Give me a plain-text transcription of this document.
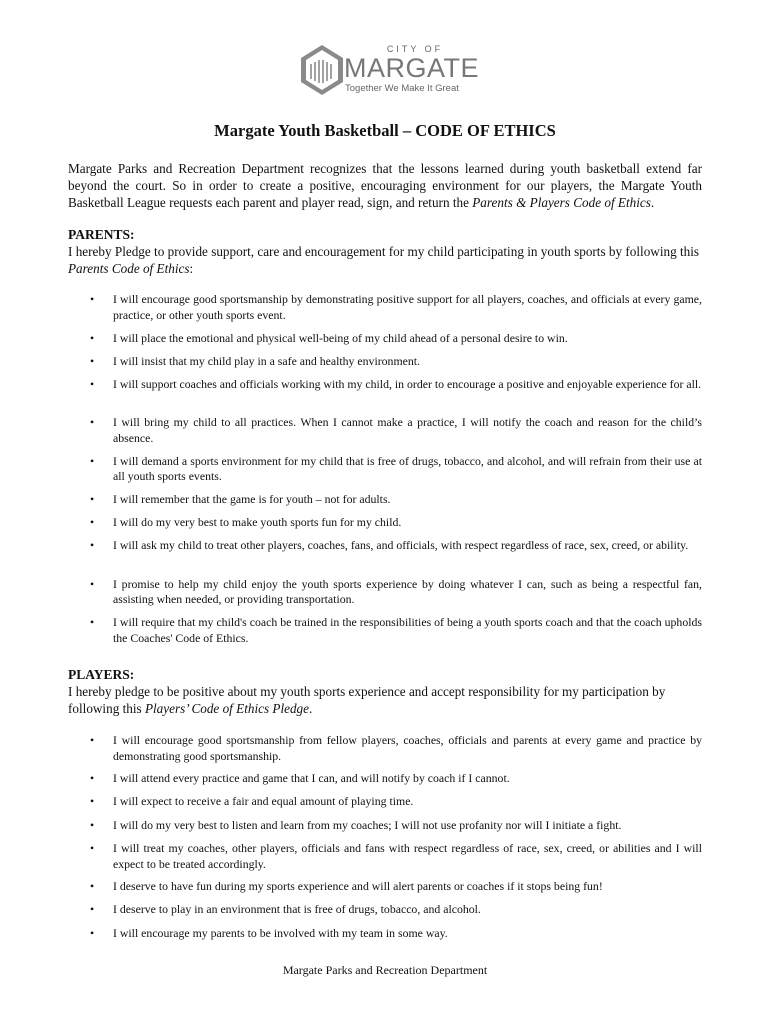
CITY OF
MARGATE
Together We Make It Great
Margate Youth Basketball – CODE OF ETHICS

Margate Parks and Recreation Department recognizes that the lessons learned during youth basketball extend far beyond the court. So in order to create a positive, encouraging environment for our players, the Margate Youth Basketball League requests each parent and player read, sign, and return the Parents & Players Code of Ethics.

PARENTS:

I hereby Pledge to provide support, care and encouragement for my child participating in youth sports by following this Parents Code of Ethics:

• I will encourage good sportsmanship by demonstrating positive support for all players, coaches, and officials at every game, practice, or other youth sports event.
• I will place the emotional and physical well-being of my child ahead of a personal desire to win.
• I will insist that my child play in a safe and healthy environment.
• I will support coaches and officials working with my child, in order to encourage a positive and enjoyable experience for all.
• I will bring my child to all practices. When I cannot make a practice, I will notify the coach and reason for the child’s absence.
• I will demand a sports environment for my child that is free of drugs, tobacco, and alcohol, and will refrain from their use at all youth sports events.
• I will remember that the game is for youth – not for adults.
• I will do my very best to make youth sports fun for my child.
• I will ask my child to treat other players, coaches, fans, and officials, with respect regardless of race, sex, creed, or ability.
• I promise to help my child enjoy the youth sports experience by doing whatever I can, such as being a respectful fan, assisting when needed, or providing transportation.
• I will require that my child's coach be trained in the responsibilities of being a youth sports coach and that the coach upholds the Coaches' Code of Ethics.

PLAYERS:

I hereby pledge to be positive about my youth sports experience and accept responsibility for my participation by following this Players’ Code of Ethics Pledge.

• I will encourage good sportsmanship from fellow players, coaches, officials and parents at every game and practice by demonstrating good sportsmanship.
• I will attend every practice and game that I can, and will notify by coach if I cannot.
• I will expect to receive a fair and equal amount of playing time.
• I will do my very best to listen and learn from my coaches; I will not use profanity nor will I initiate a fight.
• I will treat my coaches, other players, officials and fans with respect regardless of race, sex, creed, or abilities and I will expect to be treated accordingly.
• I deserve to have fun during my sports experience and will alert parents or coaches if it stops being fun!
• I deserve to play in an environment that is free of drugs, tobacco, and alcohol.
• I will encourage my parents to be involved with my team in some way.
Margate Parks and Recreation Department
